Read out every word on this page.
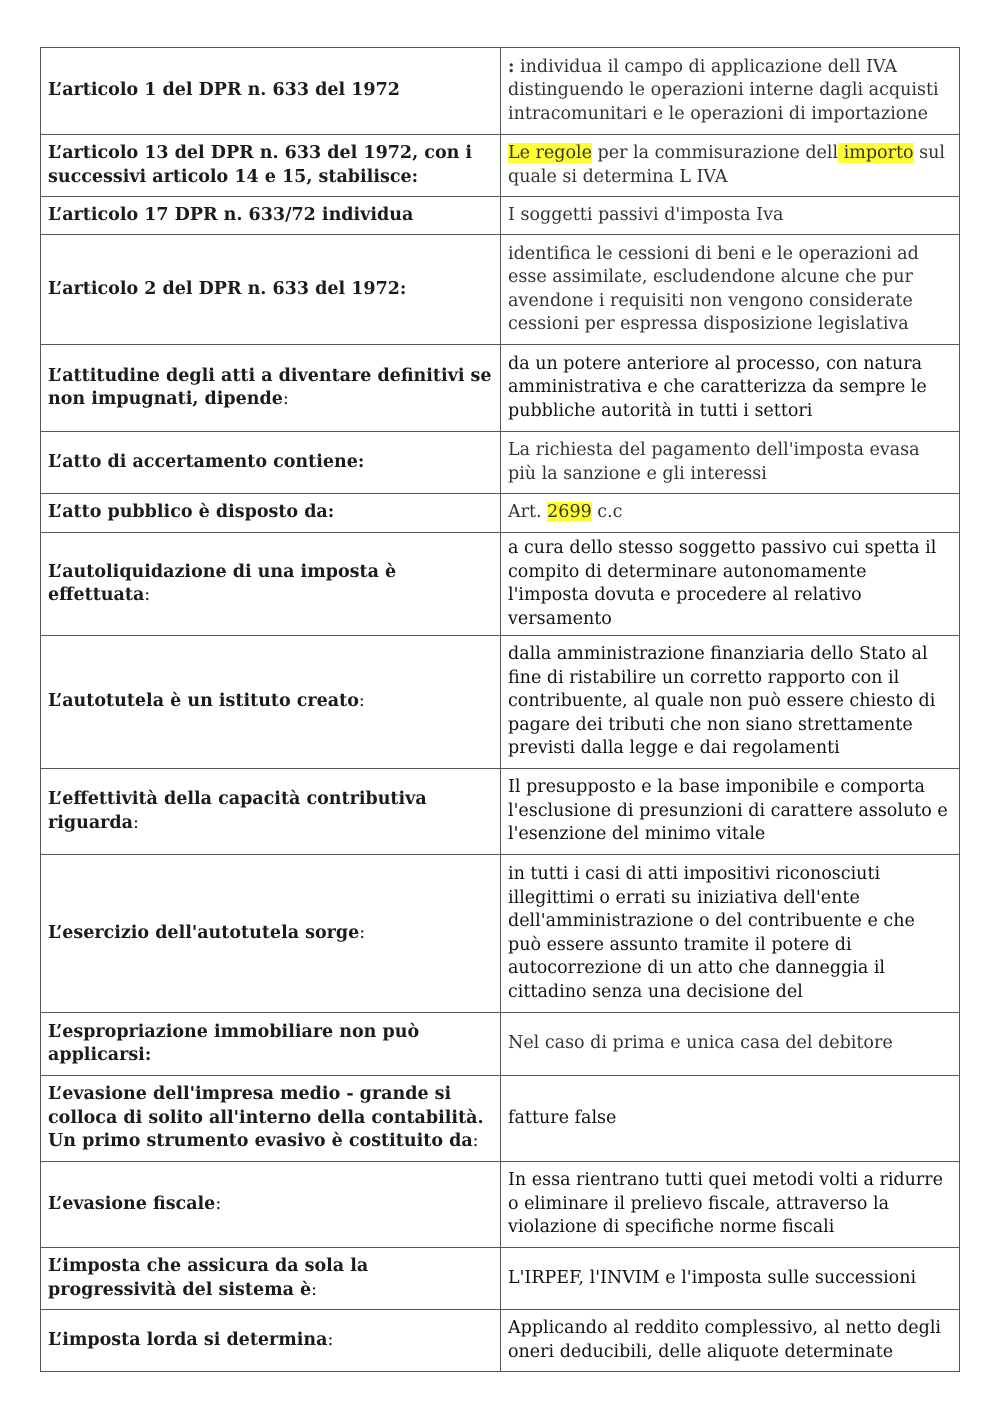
L’articolo 1 del DPR n. 633 del 1972	: individua il campo di applicazione dell IVA distinguendo le operazioni interne dagli acquisti intracomunitari e le operazioni di importazione
L’articolo 13 del DPR n. 633 del 1972, con i successivi articolo 14 e 15, stabilisce:	Le regole per la commisurazione dell importo sul quale si determina L IVA
L’articolo 17 DPR n. 633/72 individua	I soggetti passivi d'imposta Iva
L’articolo 2 del DPR n. 633 del 1972:	identifica le cessioni di beni e le operazioni ad esse assimilate, escludendone alcune che pur avendone i requisiti non vengono considerate cessioni per espressa disposizione legislativa
L’attitudine degli atti a diventare definitivi se non impugnati, dipende:	da un potere anteriore al processo, con natura amministrativa e che caratterizza da sempre le pubbliche autorità in tutti i settori
L’atto di accertamento contiene:	La richiesta del pagamento dell'imposta evasa più la sanzione e gli interessi
L’atto pubblico è disposto da:	Art. 2699 c.c
L’autoliquidazione di una imposta è effettuata:	a cura dello stesso soggetto passivo cui spetta il compito di determinare autonomamente l'imposta dovuta e procedere al relativo versamento
L’autotutela è un istituto creato:	dalla amministrazione finanziaria dello Stato al fine di ristabilire un corretto rapporto con il contribuente, al quale non può essere chiesto di pagare dei tributi che non siano strettamente previsti dalla legge e dai regolamenti
L’effettività della capacità contributiva riguarda:	Il presupposto e la base imponibile e comporta l'esclusione di presunzioni di carattere assoluto e l'esenzione del minimo vitale
L’esercizio dell'autotutela sorge:	in tutti i casi di atti impositivi riconosciuti illegittimi o errati su iniziativa dell'ente dell'amministrazione o del contribuente e che può essere assunto tramite il potere di autocorrezione di un atto che danneggia il cittadino senza una decisione del
L’espropriazione immobiliare non può applicarsi:	Nel caso di prima e unica casa del debitore
L’evasione dell'impresa medio - grande si colloca di solito all'interno della contabilità. Un primo strumento evasivo è costituito da:	fatture false
L’evasione fiscale:	In essa rientrano tutti quei metodi volti a ridurre o eliminare il prelievo fiscale, attraverso la violazione di specifiche norme fiscali
L’imposta che assicura da sola la progressività del sistema è:	L'IRPEF, l'INVIM e l'imposta sulle successioni
L’imposta lorda si determina:	Applicando al reddito complessivo, al netto degli oneri deducibili, delle aliquote determinate
